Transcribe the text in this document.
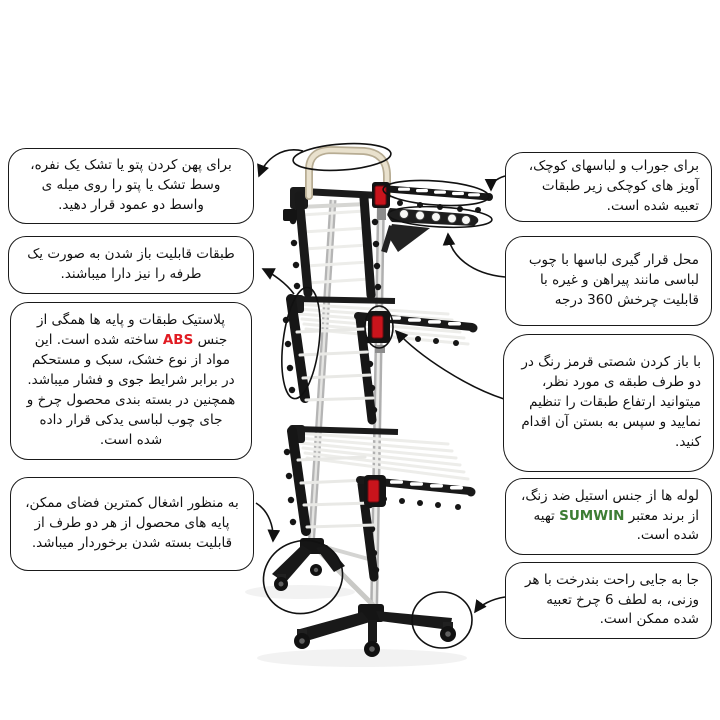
برای پهن کردن پتو یا تشک یک نفره، وسط تشک یا پتو را روی میله ی واسط دو عمود قرار دهید.
طبقات قابلیت باز شدن به صورت یک طرفه را نیز دارا میباشند.
پلاستیک طبقات و پایه ها همگی از جنس ABS ساخته شده است. این مواد از نوع خشک، سبک و مستحکم در برابر شرایط جوی و فشار میباشد. همچنین در بسته بندی محصول چرخ و جای چوب لباسی یدکی قرار داده شده است.
به منظور اشغال کمترین فضای ممکن، پایه های محصول از هر دو طرف از قابلیت بسته شدن برخوردار میباشد.
برای جوراب و لباسهای کوچک، آویز های کوچکی زیر طبقات تعبیه شده است.
محل قرار گیری لباسها با چوب لباسی مانند پیراهن و غیره با قابلیت چرخش 360 درجه
با باز کردن شصتی قرمز رنگ در دو طرف طبقه ی مورد نظر، میتوانید ارتفاع طبقات را تنظیم نمایید و سپس به بستن آن اقدام کنید.
لوله ها از جنس استیل ضد زنگ، از برند معتبر SUMWIN تهیه شده است.
جا به جایی راحت بندرخت با هر وزنی، به لطف 6 چرخ تعبیه شده ممکن است.
